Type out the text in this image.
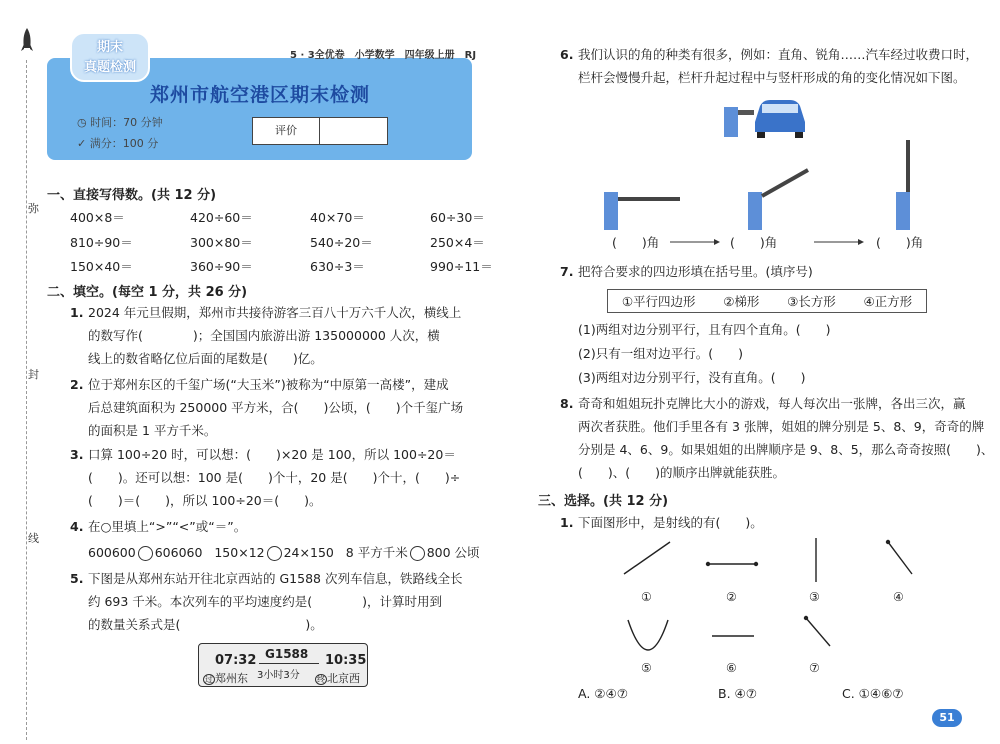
弥
封
线
期末
真题检测
5 · 3全优卷　小学数学　四年级上册　RJ
郑州市航空港区期末检测
◷ 时间：70 分钟
✓ 满分：100 分
评价
一、直接写得数。(共 12 分)
400×8＝	420÷60＝	40×70＝	60÷30＝
810÷90＝	300×80＝	540÷20＝	250×4＝
150×40＝	360÷90＝	630÷3＝	990÷11＝
二、填空。(每空 1 分，共 26 分)
1. 2024 年元旦假期，郑州市共接待游客三百八十万六千人次，横线上
的数写作(　　　　)；全国国内旅游出游 135000000 人次，横
线上的数省略亿位后面的尾数是(　　)亿。
2. 位于郑州东区的千玺广场(“大玉米”)被称为“中原第一高楼”，建成
后总建筑面积为 250000 平方米，合(　　)公顷，(　　)个千玺广场
的面积是 1 平方千米。
3. 口算 100÷20 时，可以想：(　　)×20 是 100，所以 100÷20＝
(　　)。还可以想：100 是(　　)个十，20 是(　　)个十，(　　)÷
(　　)＝(　　)，所以 100÷20＝(　　)。
4. 在○里填上“>”“<”或“＝”。
600600 606060 150×12 24×150 8 平方千米 800 公顷
5. 下图是从郑州东站开往北京西站的 G1588 次列车信息，铁路线全长
约 693 千米。本次列车的平均速度约是(　　　　)，计算时用到
的数量关系式是(　　　　　　　　　　)。
07:32 G1588
3小时3分
10:35
过 郑州东	终 北京西
6. 我们认识的角的种类有很多，例如：直角、锐角……汽车经过收费口时，
栏杆会慢慢升起，栏杆升起过程中与竖杆形成的角的变化情况如下图。
(　　)角	(　　)角	(　　)角
7. 把符合要求的四边形填在括号里。(填序号)
①平行四边形 ②梯形 ③长方形 ④正方形
(1)两组对边分别平行，且有四个直角。(　　)
(2)只有一组对边平行。(　　)
(3)两组对边分别平行，没有直角。(　　)
8. 奇奇和姐姐玩扑克牌比大小的游戏，每人每次出一张牌，各出三次，赢
两次者获胜。他们手里各有 3 张牌，姐姐的牌分别是 5、8、9，奇奇的牌
分别是 4、6、9。如果姐姐的出牌顺序是 9、8、5，那么奇奇按照(　　)、
(　　)、(　　)的顺序出牌就能获胜。
三、选择。(共 12 分)
1. 下面图形中，是射线的有(　　)。
①	②	③	④
⑤	⑥	⑦
A. ②④⑦	B. ④⑦	C. ①④⑥⑦
51
